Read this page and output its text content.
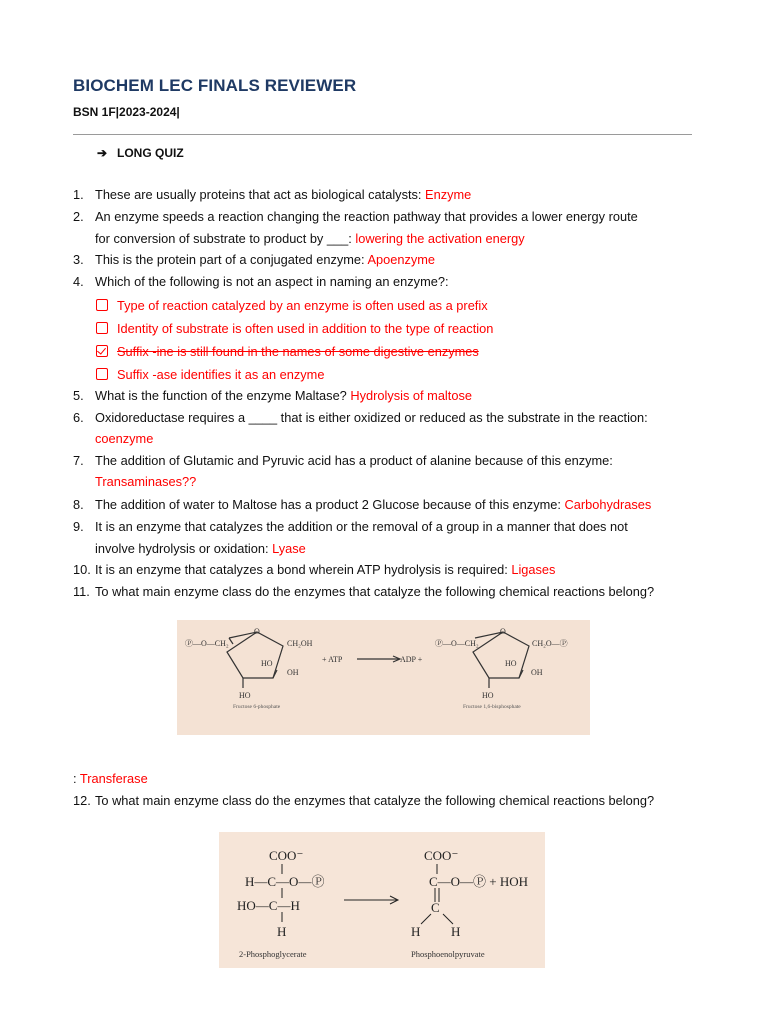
BIOCHEM LEC FINALS REVIEWER
BSN 1F|2023-2024|
➔ LONG QUIZ
1. These are usually proteins that act as biological catalysts: Enzyme
2. An enzyme speeds a reaction changing the reaction pathway that provides a lower energy route
for conversion of substrate to product by ___: lowering the activation energy
3. This is the protein part of a conjugated enzyme: Apoenzyme
4. Which of the following is not an aspect in naming an enzyme?:
Type of reaction catalyzed by an enzyme is often used as a prefix
Identity of substrate is often used in addition to the type of reaction
Suffix -ine is still found in the names of some digestive enzymes
Suffix -ase identifies it as an enzyme
5. What is the function of the enzyme Maltase? Hydrolysis of maltose
6. Oxidoreductase requires a ____ that is either oxidized or reduced as the substrate in the reaction:
coenzyme
7. The addition of Glutamic and Pyruvic acid has a product of alanine because of this enzyme:
Transaminases??
8. The addition of water to Maltose has a product 2 Glucose because of this enzyme: Carbohydrases
9. It is an enzyme that catalyzes the addition or the removal of a group in a manner that does not
involve hydrolysis or oxidation: Lyase
10. It is an enzyme that catalyzes a bond wherein ATP hydrolysis is required: Ligases
11. To what main enzyme class do the enzymes that catalyze the following chemical reactions belong?
Ⓟ—O—CH₂
O
CH₂OH
HO
OH
HO
+ ATP	ADP +
Ⓟ—O—CH₂
O
CH₂O—Ⓟ
HO
OH
HO
Fructose 6-phosphate	Fructose 1,6-bisphosphate
: Transferase
12. To what main enzyme class do the enzymes that catalyze the following chemical reactions belong?
COO⁻
H—C—O—Ⓟ
HO—C—H
H
COO⁻
C—O—Ⓟ + HOH
C
H H
2-Phosphoglycerate	Phosphoenolpyruvate
